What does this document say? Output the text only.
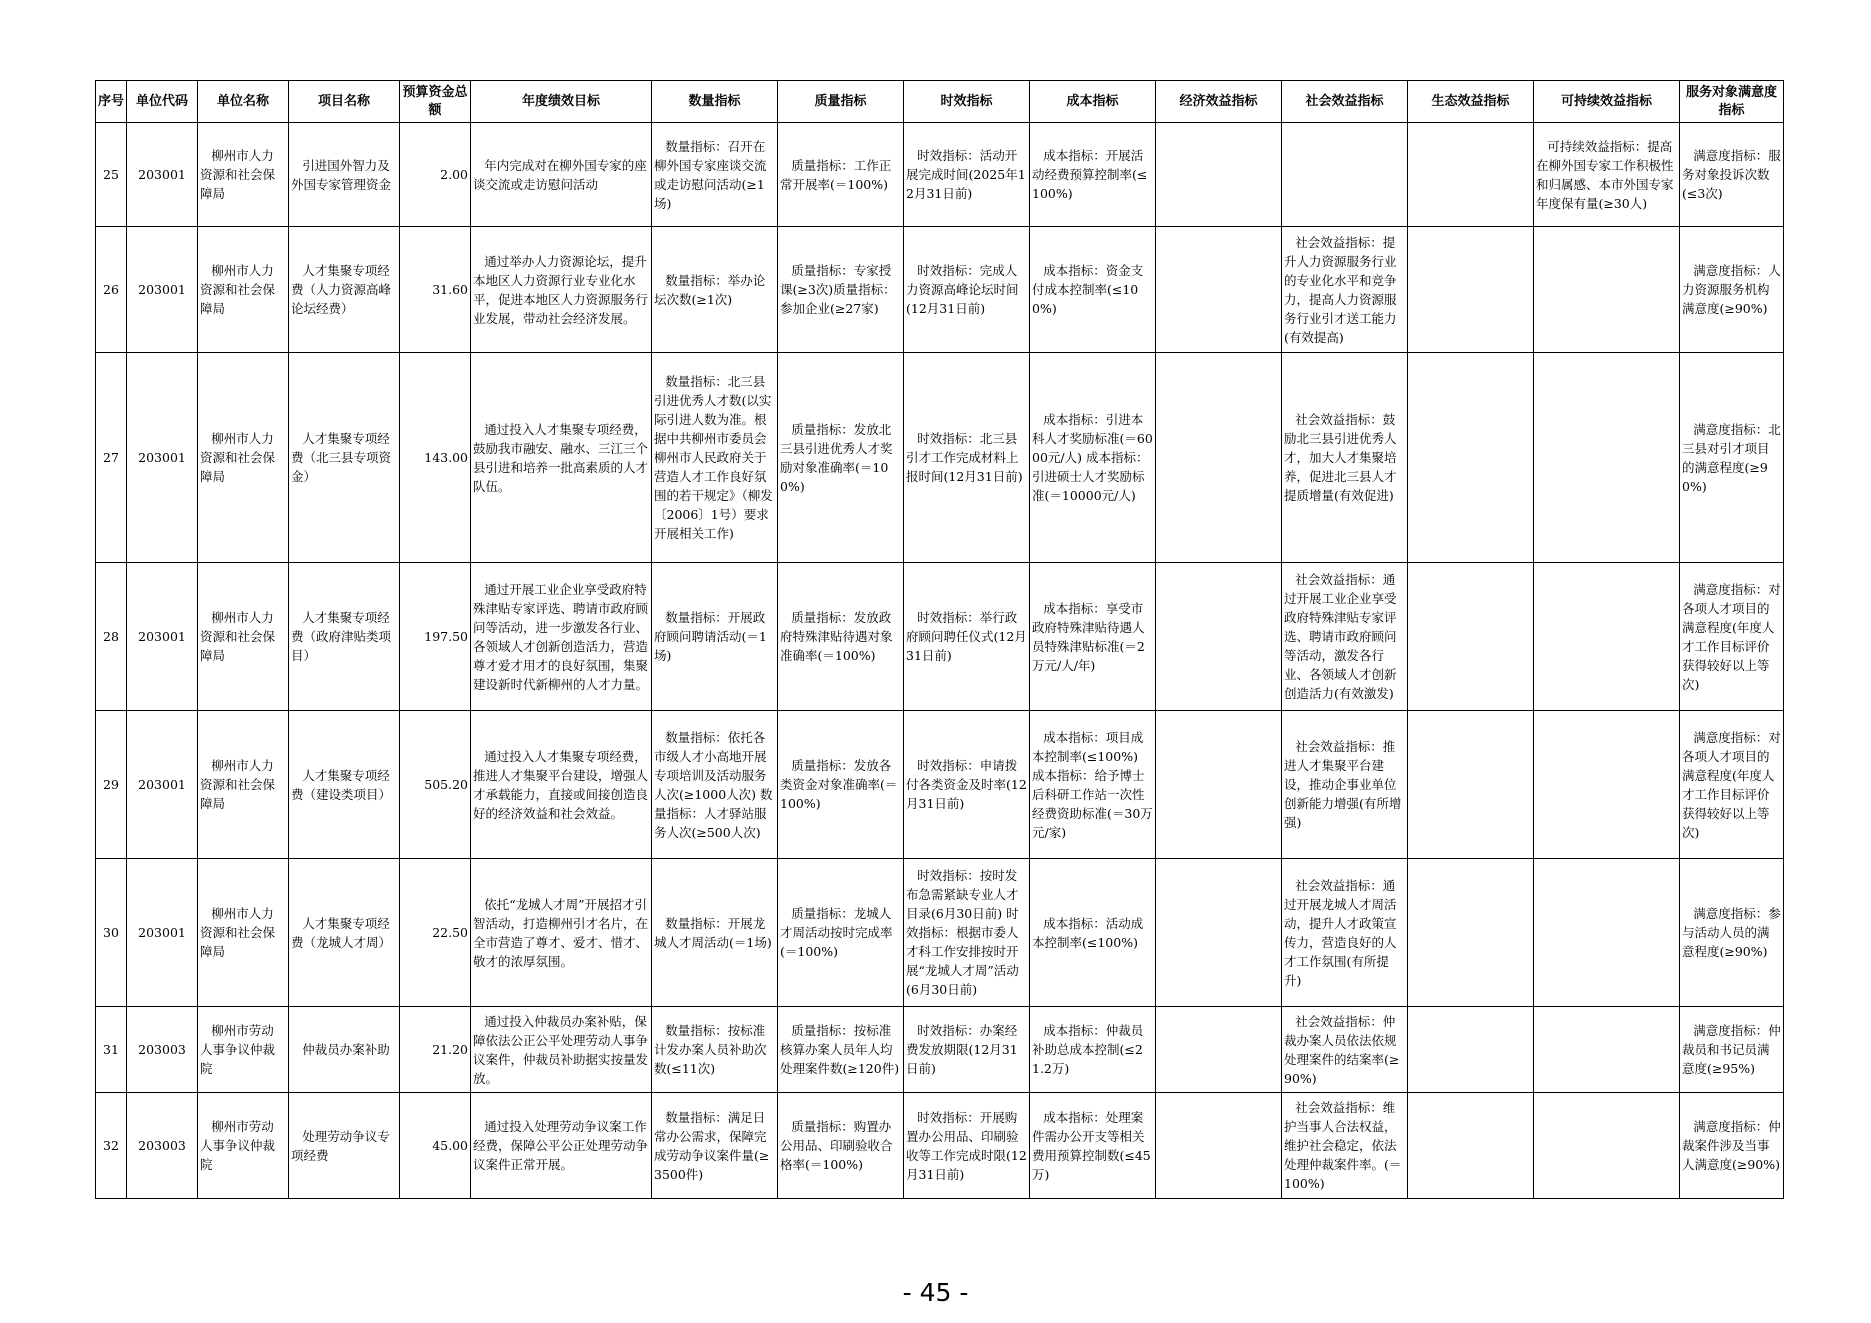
序号	单位代码	单位名称	项目名称	预算资金总额	年度绩效目标	数量指标	质量指标	时效指标	成本指标	经济效益指标	社会效益指标	生态效益指标	可持续效益指标	服务对象满意度指标
25	203001	柳州市人力资源和社会保障局	引进国外智力及外国专家管理资金	2.00	年内完成对在柳外国专家的座谈交流或走访慰问活动	数量指标：召开在柳外国专家座谈交流或走访慰问活动(≥1场)	质量指标：工作正常开展率(＝100%)	时效指标：活动开展完成时间(2025年12月31日前)	成本指标：开展活动经费预算控制率(≤100%)				可持续效益指标：提高在柳外国专家工作积极性和归属感、本市外国专家年度保有量(≥30人)	满意度指标：服务对象投诉次数(≤3次)
26	203001	柳州市人力资源和社会保障局	人才集聚专项经费（人力资源高峰论坛经费）	31.60	通过举办人力资源论坛，提升本地区人力资源行业专业化水平，促进本地区人力资源服务行业发展，带动社会经济发展。	数量指标：举办论坛次数(≥1次)	质量指标：专家授课(≥3次)质量指标：参加企业(≥27家)	时效指标：完成人力资源高峰论坛时间(12月31日前)	成本指标：资金支付成本控制率(≤100%)		社会效益指标：提升人力资源服务行业的专业化水平和竞争力，提高人力资源服务行业引才送工能力(有效提高)			满意度指标：人力资源服务机构满意度(≥90%)
27	203001	柳州市人力资源和社会保障局	人才集聚专项经费（北三县专项资金）	143.00	通过投入人才集聚专项经费，鼓励我市融安、融水、三江三个县引进和培养一批高素质的人才队伍。	数量指标：北三县引进优秀人才数(以实际引进人数为准。根据中共柳州市委员会柳州市人民政府关于营造人才工作良好氛围的若干规定》（柳发〔2006〕1号）要求开展相关工作)	质量指标：发放北三县引进优秀人才奖励对象准确率(＝100%)	时效指标：北三县引才工作完成材料上报时间(12月31日前)	成本指标：引进本科人才奖励标准(＝6000元/人) 成本指标：引进硕士人才奖励标准(＝10000元/人)		社会效益指标：鼓励北三县引进优秀人才，加大人才集聚培养，促进北三县人才提质增量(有效促进)			满意度指标：北三县对引才项目的满意程度(≥90%)
28	203001	柳州市人力资源和社会保障局	人才集聚专项经费（政府津贴类项目）	197.50	通过开展工业企业享受政府特殊津贴专家评选、聘请市政府顾问等活动，进一步激发各行业、各领域人才创新创造活力，营造尊才爱才用才的良好氛围，集聚建设新时代新柳州的人才力量。	数量指标：开展政府顾问聘请活动(＝1场)	质量指标：发放政府特殊津贴待遇对象准确率(＝100%)	时效指标：举行政府顾问聘任仪式(12月31日前)	成本指标：享受市政府特殊津贴待遇人员特殊津贴标准(＝2万元/人/年)		社会效益指标：通过开展工业企业享受政府特殊津贴专家评选、聘请市政府顾问等活动，激发各行业、各领域人才创新创造活力(有效激发)			满意度指标：对各项人才项目的满意程度(年度人才工作目标评价获得较好以上等次)
29	203001	柳州市人力资源和社会保障局	人才集聚专项经费（建设类项目）	505.20	通过投入人才集聚专项经费，推进人才集聚平台建设，增强人才承载能力，直接或间接创造良好的经济效益和社会效益。	数量指标：依托各市级人才小高地开展专项培训及活动服务人次(≥1000人次) 数量指标：人才驿站服务人次(≥500人次)	质量指标：发放各类资金对象准确率(＝100%)	时效指标：申请拨付各类资金及时率(12月31日前)	成本指标：项目成本控制率(≤100%) 成本指标：给予博士后科研工作站一次性经费资助标准(＝30万元/家)		社会效益指标：推进人才集聚平台建设，推动企事业单位创新能力增强(有所增强)			满意度指标：对各项人才项目的满意程度(年度人才工作目标评价获得较好以上等次)
30	203001	柳州市人力资源和社会保障局	人才集聚专项经费（龙城人才周）	22.50	依托“龙城人才周”开展招才引智活动，打造柳州引才名片，在全市营造了尊才、爱才、惜才、敬才的浓厚氛围。	数量指标：开展龙城人才周活动(＝1场)	质量指标：龙城人才周活动按时完成率(＝100%)	时效指标：按时发布急需紧缺专业人才目录(6月30日前) 时效指标：根据市委人才科工作安排按时开展“龙城人才周”活动(6月30日前)	成本指标：活动成本控制率(≤100%)		社会效益指标：通过开展龙城人才周活动，提升人才政策宣传力，营造良好的人才工作氛围(有所提升)			满意度指标：参与活动人员的满意程度(≥90%)
31	203003	柳州市劳动人事争议仲裁院	仲裁员办案补助	21.20	通过投入仲裁员办案补贴，保障依法公正公平处理劳动人事争议案件，仲裁员补助据实按量发放。	数量指标：按标准计发办案人员补助次数(≤11次)	质量指标：按标准核算办案人员年人均处理案件数(≥120件)	时效指标：办案经费发放期限(12月31日前)	成本指标：仲裁员补助总成本控制(≤21.2万)		社会效益指标：仲裁办案人员依法依规处理案件的结案率(≥90%)			满意度指标：仲裁员和书记员满意度(≥95%)
32	203003	柳州市劳动人事争议仲裁院	处理劳动争议专项经费	45.00	通过投入处理劳动争议案工作经费，保障公平公正处理劳动争议案件正常开展。	数量指标：满足日常办公需求，保障完成劳动争议案件量(≥3500件)	质量指标：购置办公用品、印刷验收合格率(＝100%)	时效指标：开展购置办公用品、印刷验收等工作完成时限(12月31日前)	成本指标：处理案件需办公开支等相关费用预算控制数(≤45万)		社会效益指标：维护当事人合法权益，维护社会稳定，依法处理仲裁案件率。(＝100%)			满意度指标：仲裁案件涉及当事人满意度(≥90%)
- 45 -
